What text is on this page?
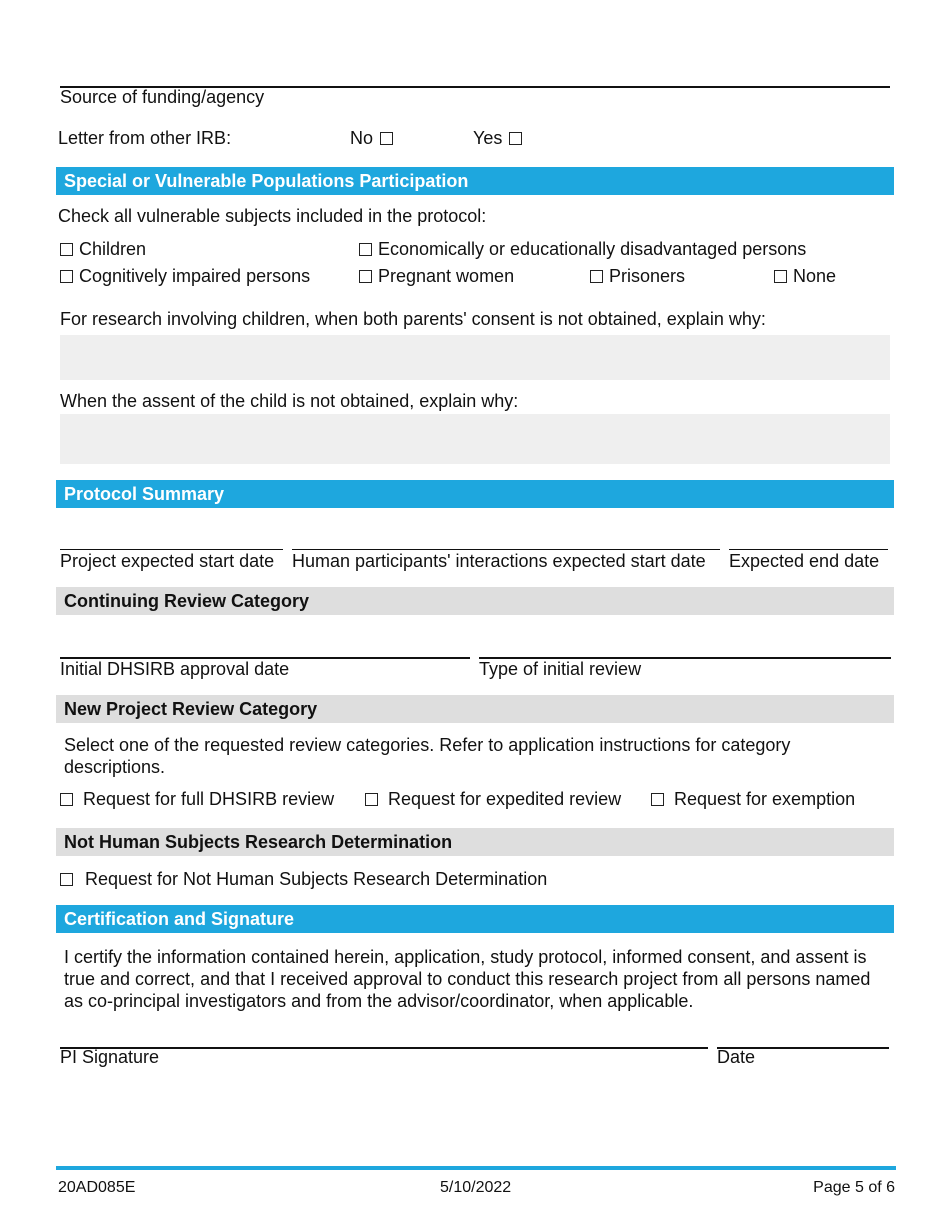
Source of funding/agency
Letter from other IRB:	No	Yes
Special or Vulnerable Populations Participation
Check all vulnerable subjects included in the protocol:
Children	Economically or educationally disadvantaged persons
Cognitively impaired persons	Pregnant women	Prisoners	None
For research involving children, when both parents' consent is not obtained, explain why:
When the assent of the child is not obtained, explain why:
Protocol Summary
Project expected start date Human participants' interactions expected start date Expected end date
Continuing Review Category
Initial DHSIRB approval date	Type of initial review
New Project Review Category
Select one of the requested review categories. Refer to application instructions for category descriptions.
Request for full DHSIRB review	Request for expedited review	Request for exemption
Not Human Subjects Research Determination
Request for Not Human Subjects Research Determination
Certification and Signature
I certify the information contained herein, application, study protocol, informed consent, and assent is true and correct, and that I received approval to conduct this research project from all persons named as co-principal investigators and from the advisor/coordinator, when applicable.
PI Signature	Date
20AD085E	5/10/2022	Page 5 of 6
